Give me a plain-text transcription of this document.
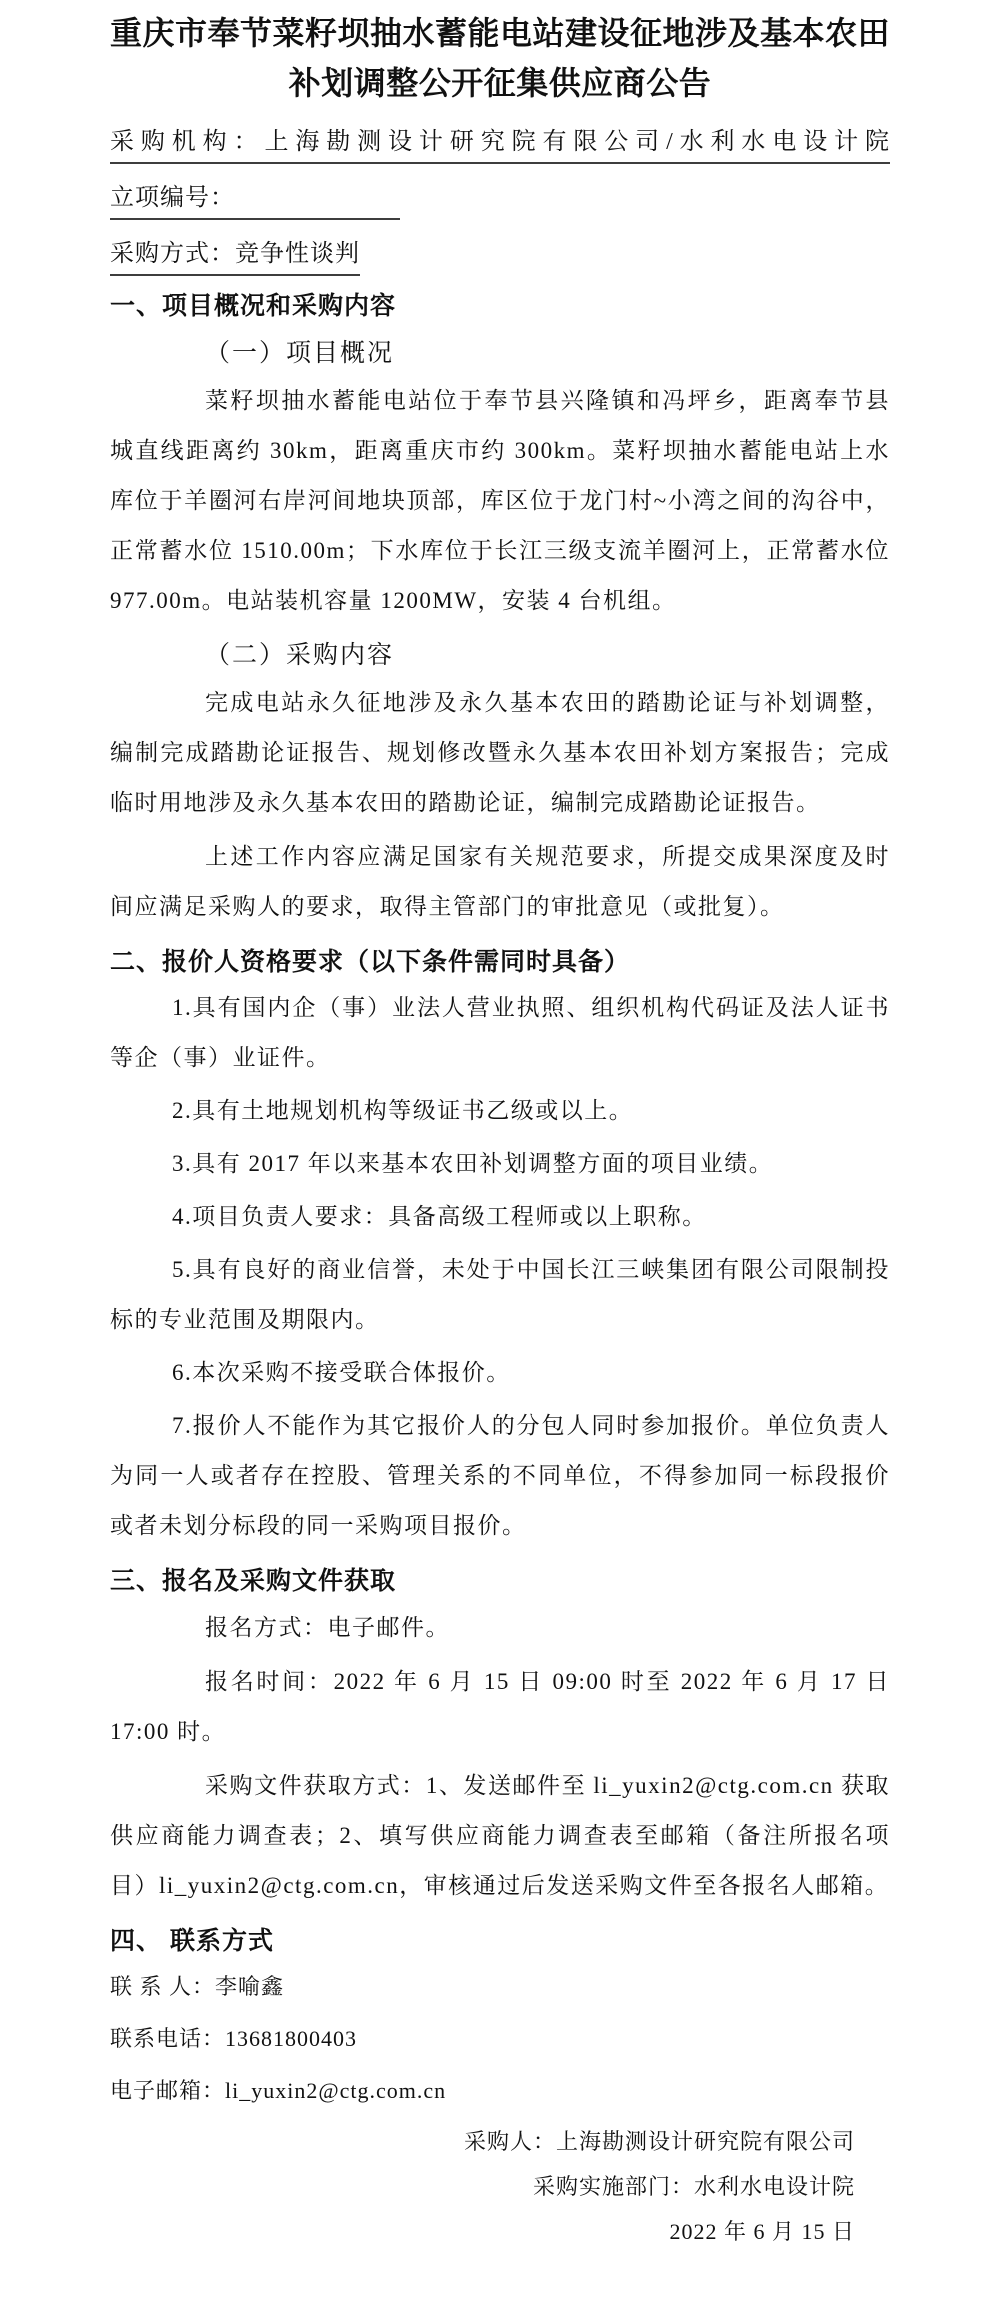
重庆市奉节菜籽坝抽水蓄能电站建设征地涉及基本农田补划调整公开征集供应商公告
采购机构：上海勘测设计研究院有限公司/水利水电设计院
立项编号：
采购方式：竞争性谈判
一、项目概况和采购内容
（一）项目概况

菜籽坝抽水蓄能电站位于奉节县兴隆镇和冯坪乡，距离奉节县城直线距离约 30km，距离重庆市约 300km。菜籽坝抽水蓄能电站上水库位于羊圈河右岸河间地块顶部，库区位于龙门村~小湾之间的沟谷中，正常蓄水位 1510.00m；下水库位于长江三级支流羊圈河上，正常蓄水位 977.00m。电站装机容量 1200MW，安装 4 台机组。

（二）采购内容

完成电站永久征地涉及永久基本农田的踏勘论证与补划调整，编制完成踏勘论证报告、规划修改暨永久基本农田补划方案报告；完成临时用地涉及永久基本农田的踏勘论证，编制完成踏勘论证报告。

上述工作内容应满足国家有关规范要求，所提交成果深度及时间应满足采购人的要求，取得主管部门的审批意见（或批复）。

二、报价人资格要求（以下条件需同时具备）

1.具有国内企（事）业法人营业执照、组织机构代码证及法人证书等企（事）业证件。

2.具有土地规划机构等级证书乙级或以上。

3.具有 2017 年以来基本农田补划调整方面的项目业绩。

4.项目负责人要求：具备高级工程师或以上职称。

5.具有良好的商业信誉，未处于中国长江三峡集团有限公司限制投标的专业范围及期限内。

6.本次采购不接受联合体报价。

7.报价人不能作为其它报价人的分包人同时参加报价。单位负责人为同一人或者存在控股、管理关系的不同单位，不得参加同一标段报价或者未划分标段的同一采购项目报价。

三、报名及采购文件获取

报名方式：电子邮件。

报名时间：2022 年 6 月 15 日 09:00 时至 2022 年 6 月 17 日 17:00 时。

采购文件获取方式：1、发送邮件至 li_yuxin2@ctg.com.cn 获取供应商能力调查表；2、填写供应商能力调查表至邮箱（备注所报名项目）li_yuxin2@ctg.com.cn，审核通过后发送采购文件至各报名人邮箱。

四、 联系方式

联 系 人：李喻鑫

联系电话：13681800403

电子邮箱：li_yuxin2@ctg.com.cn

采购人：上海勘测设计研究院有限公司

采购实施部门：水利水电设计院

2022 年 6 月 15 日
